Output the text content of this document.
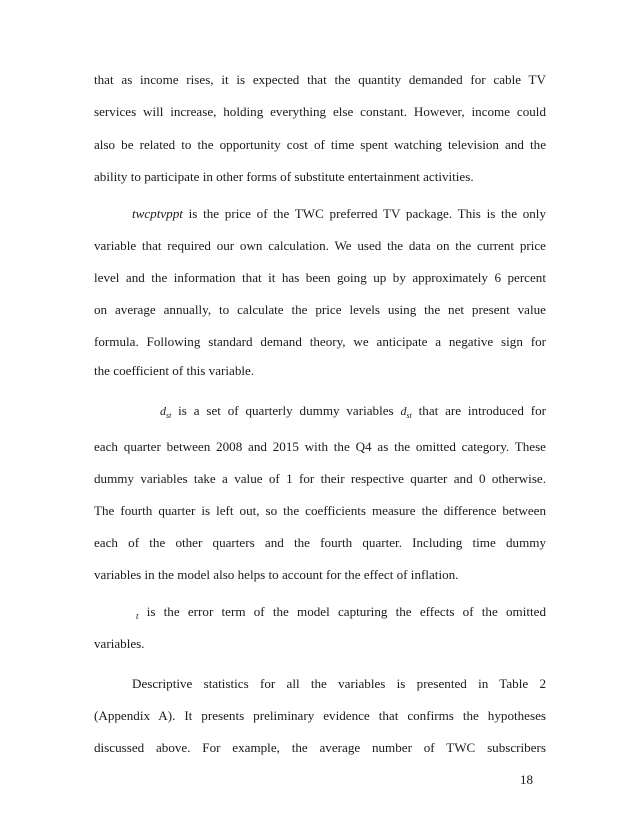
that as income rises, it is expected that the quantity demanded for cable TV
services will increase, holding everything else constant. However, income could
also be related to the opportunity cost of time spent watching television and the
ability to participate in other forms of substitute entertainment activities.
twcptvppt is the price of the TWC preferred TV package. This is the only
variable that required our own calculation. We used the data on the current price
level and the information that it has been going up by approximately 6 percent
on average annually, to calculate the price levels using the net present value
formula. Following standard demand theory, we anticipate a negative sign for
the coefficient of this variable.
$d_{st}$ is a set of quarterly dummy variables $d_{st}$ that are introduced for
each quarter between 2008 and 2015 with the Q4 as the omitted category. These
dummy variables take a value of 1 for their respective quarter and 0 otherwise.
The fourth quarter is left out, so the coefficients measure the difference between
each of the other quarters and the fourth quarter. Including time dummy
variables in the model also helps to account for the effect of inflation.
$_t$ is the error term of the model capturing the effects of the omitted
variables.
Descriptive statistics for all the variables is presented in Table 2
(Appendix A). It presents preliminary evidence that confirms the hypotheses
discussed above. For example, the average number of TWC subscribers
18
